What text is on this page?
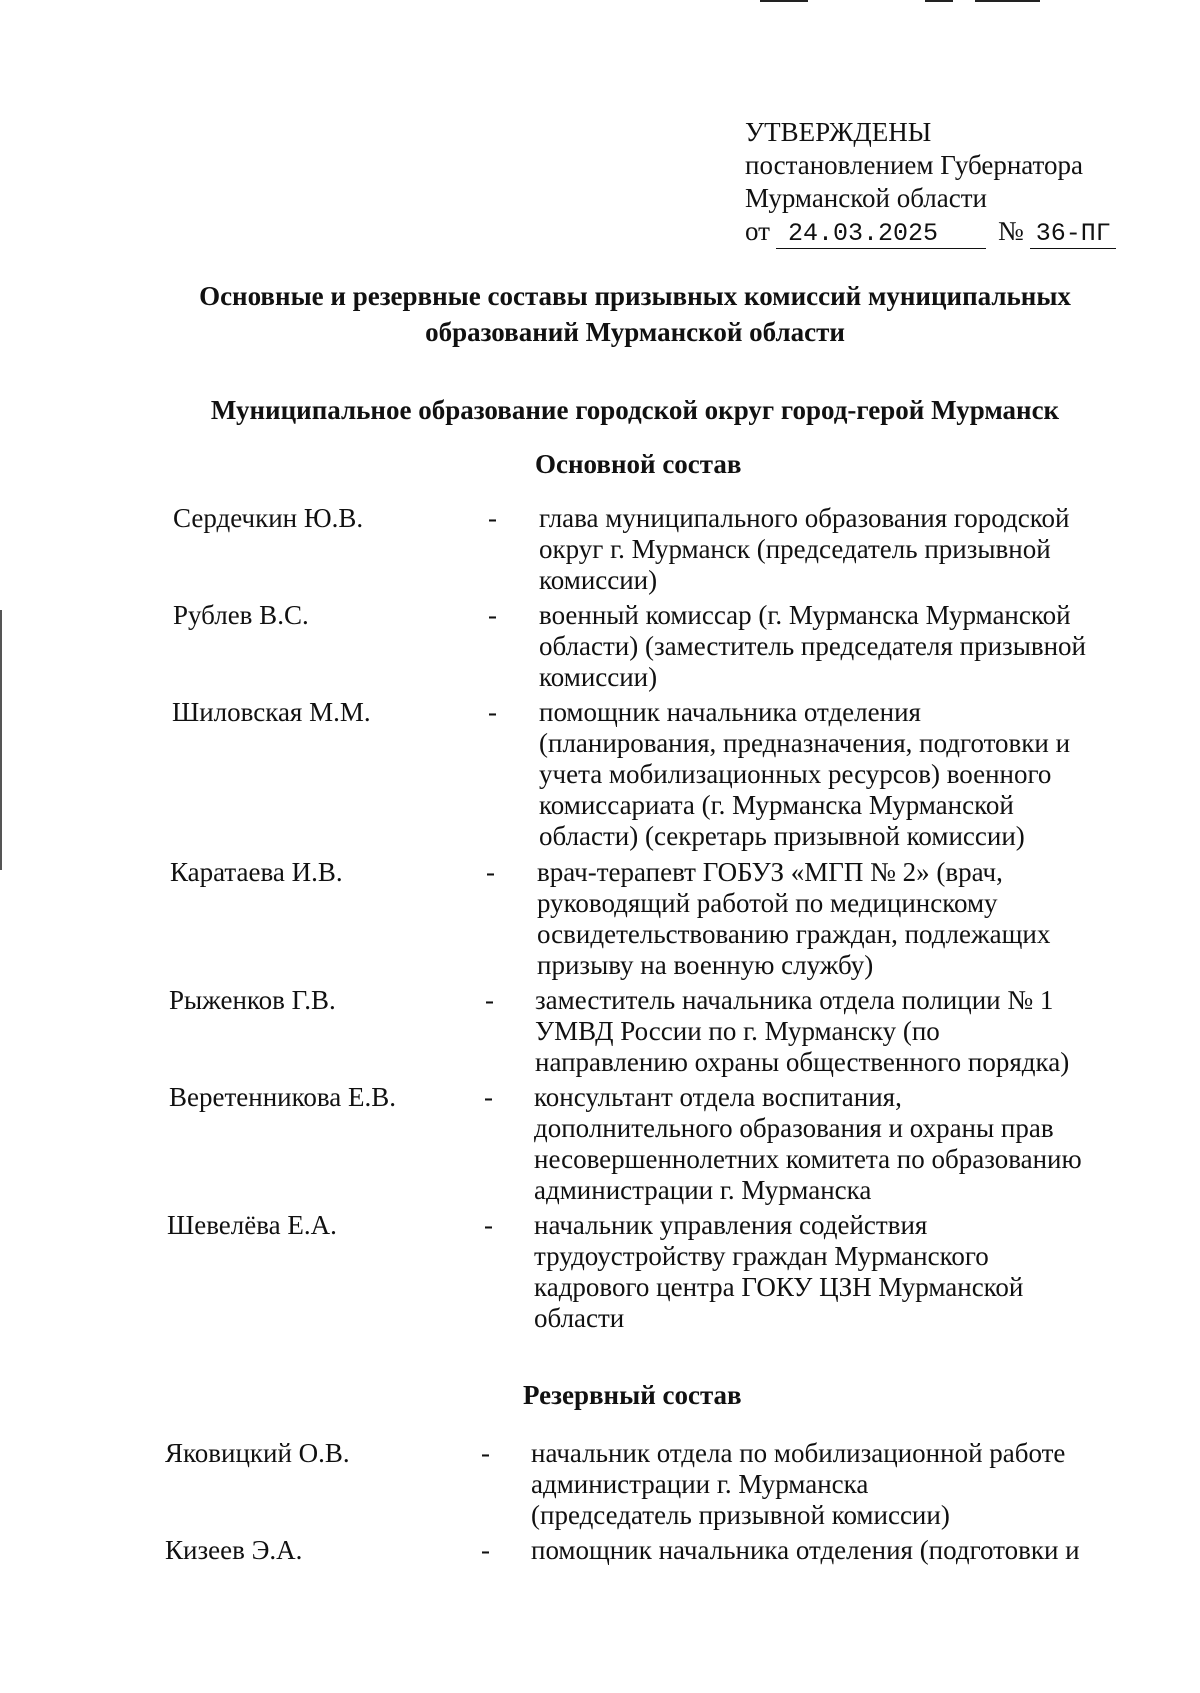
УТВЕРЖДЕНЫ
постановлением Губернатора
Мурманской области
от 24.03.2025	№ 36-ПГ
Основные и резервные составы призывных комиссий муниципальных
образований Мурманской области
Муниципальное образование городской округ город-герой Мурманск
Основной состав
Сердечкин Ю.В.	- глава муниципального образования городской
округ г. Мурманск (председатель призывной
комиссии)
Рублев В.С.	- военный комиссар (г. Мурманска Мурманской
области) (заместитель председателя призывной
комиссии)
Шиловская М.М.	- помощник начальника отделения
(планирования, предназначения, подготовки и
учета мобилизационных ресурсов) военного
комиссариата (г. Мурманска Мурманской
области) (секретарь призывной комиссии)
Каратаева И.В.	- врач-терапевт ГОБУЗ «МГП № 2» (врач,
руководящий работой по медицинскому
освидетельствованию граждан, подлежащих
призыву на военную службу)
Рыженков Г.В.	- заместитель начальника отдела полиции № 1
УМВД России по г. Мурманску (по
направлению охраны общественного порядка)
Веретенникова Е.В.	- консультант отдела воспитания,
дополнительного образования и охраны прав
несовершеннолетних комитета по образованию
администрации г. Мурманска
Шевелёва Е.А.	- начальник управления содействия
трудоустройству граждан Мурманского
кадрового центра ГОКУ ЦЗН Мурманской
области
Резервный состав
Яковицкий О.В.	- начальник отдела по мобилизационной работе
администрации г. Мурманска
(председатель призывной комиссии)
Кизеев Э.А.	- помощник начальника отделения (подготовки и
